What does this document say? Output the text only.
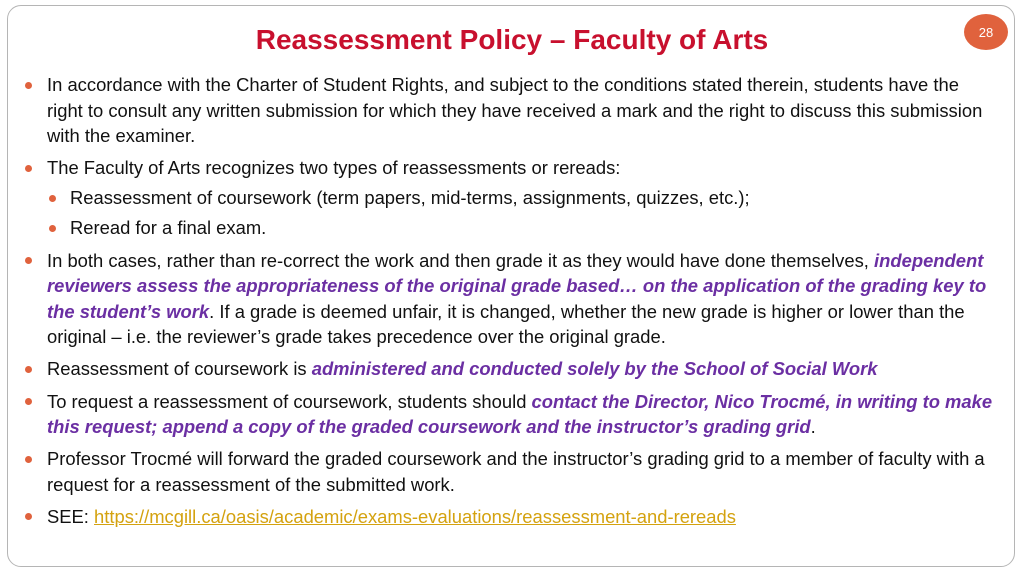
28
Reassessment Policy – Faculty of Arts

In accordance with the Charter of Student Rights, and subject to the conditions stated therein, students have the right to consult any written submission for which they have received a mark and the right to discuss this submission with the examiner.

The Faculty of Arts recognizes two types of reassessments or rereads:

Reassessment of coursework (term papers, mid-terms, assignments, quizzes, etc.);

Reread for a final exam.

In both cases, rather than re-correct the work and then grade it as they would have done themselves, independent reviewers assess the appropriateness of the original grade based… on the application of the grading key to the student’s work. If a grade is deemed unfair, it is changed, whether the new grade is higher or lower than the original – i.e. the reviewer’s grade takes precedence over the original grade.

Reassessment of coursework is administered and conducted solely by the School of Social Work

To request a reassessment of coursework, students should contact the Director, Nico Trocmé, in writing to make this request; append a copy of the graded coursework and the instructor’s grading grid.

Professor Trocmé will forward the graded coursework and the instructor’s grading grid to a member of faculty with a request for a reassessment of the submitted work.

SEE: https://mcgill.ca/oasis/academic/exams-evaluations/reassessment-and-rereads
